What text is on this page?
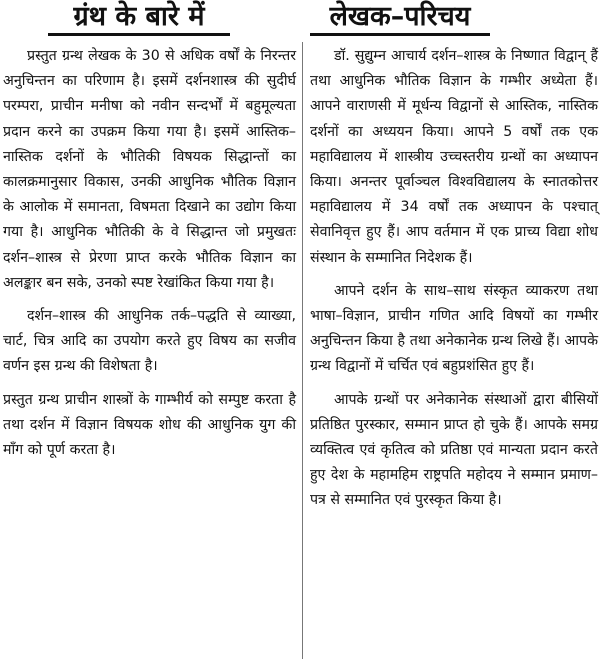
ग्रंथ के बारे में	लेखक–परिचय

प्रस्तुत ग्रन्थ लेखक के 30 से अधिक वर्षों के निरन्तर अनुचिन्तन का परिणाम है। इसमें दर्शनशास्त्र की सुदीर्घ परम्परा, प्राचीन मनीषा को नवीन सन्दर्भों में बहुमूल्यता प्रदान करने का उपक्रम किया गया है। इसमें आस्तिक–नास्तिक दर्शनों के भौतिकी विषयक सिद्धान्तों का कालक्रमानुसार विकास, उनकी आधुनिक भौतिक विज्ञान के आलोक में समानता, विषमता दिखाने का उद्योग किया गया है। आधुनिक भौतिकी के वे सिद्धान्त जो प्रमुखतः दर्शन–शास्त्र से प्रेरणा प्राप्त करके भौतिक विज्ञान का अलङ्कार बन सके, उनको स्पष्ट रेखांकित किया गया है।

दर्शन–शास्त्र की आधुनिक तर्क–पद्धति से व्याख्या, चार्ट, चित्र आदि का उपयोग करते हुए विषय का सजीव वर्णन इस ग्रन्थ की विशेषता है।

प्रस्तुत ग्रन्थ प्राचीन शास्त्रों के गाम्भीर्य को सम्पुष्ट करता है तथा दर्शन में विज्ञान विषयक शोध की आधुनिक युग की माँग को पूर्ण करता है।

डॉ. सुद्युम्न आचार्य दर्शन–शास्त्र के निष्णात विद्वान् हैं तथा आधुनिक भौतिक विज्ञान के गम्भीर अध्येता हैं। आपने वाराणसी में मूर्धन्य विद्वानों से आस्तिक, नास्तिक दर्शनों का अध्ययन किया। आपने 5 वर्षों तक एक महाविद्यालय में शास्त्रीय उच्चस्तरीय ग्रन्थों का अध्यापन किया। अनन्तर पूर्वाञ्चल विश्वविद्यालय के स्नातकोत्तर महाविद्यालय में 34 वर्षों तक अध्यापन के पश्चात् सेवानिवृत्त हुए हैं। आप वर्तमान में एक प्राच्य विद्या शोध संस्थान के सम्मानित निदेशक हैं।

आपने दर्शन के साथ–साथ संस्कृत व्याकरण तथा भाषा–विज्ञान, प्राचीन गणित आदि विषयों का गम्भीर अनुचिन्तन किया है तथा अनेकानेक ग्रन्थ लिखे हैं। आपके ग्रन्थ विद्वानों में चर्चित एवं बहुप्रशंसित हुए हैं।

आपके ग्रन्थों पर अनेकानेक संस्थाओं द्वारा बीसियों प्रतिष्ठित पुरस्कार, सम्मान प्राप्त हो चुके हैं। आपके समग्र व्यक्तित्व एवं कृतित्व को प्रतिष्ठा एवं मान्यता प्रदान करते हुए देश के महामहिम राष्ट्रपति महोदय ने सम्मान प्रमाण–पत्र से सम्मानित एवं पुरस्कृत किया है।
